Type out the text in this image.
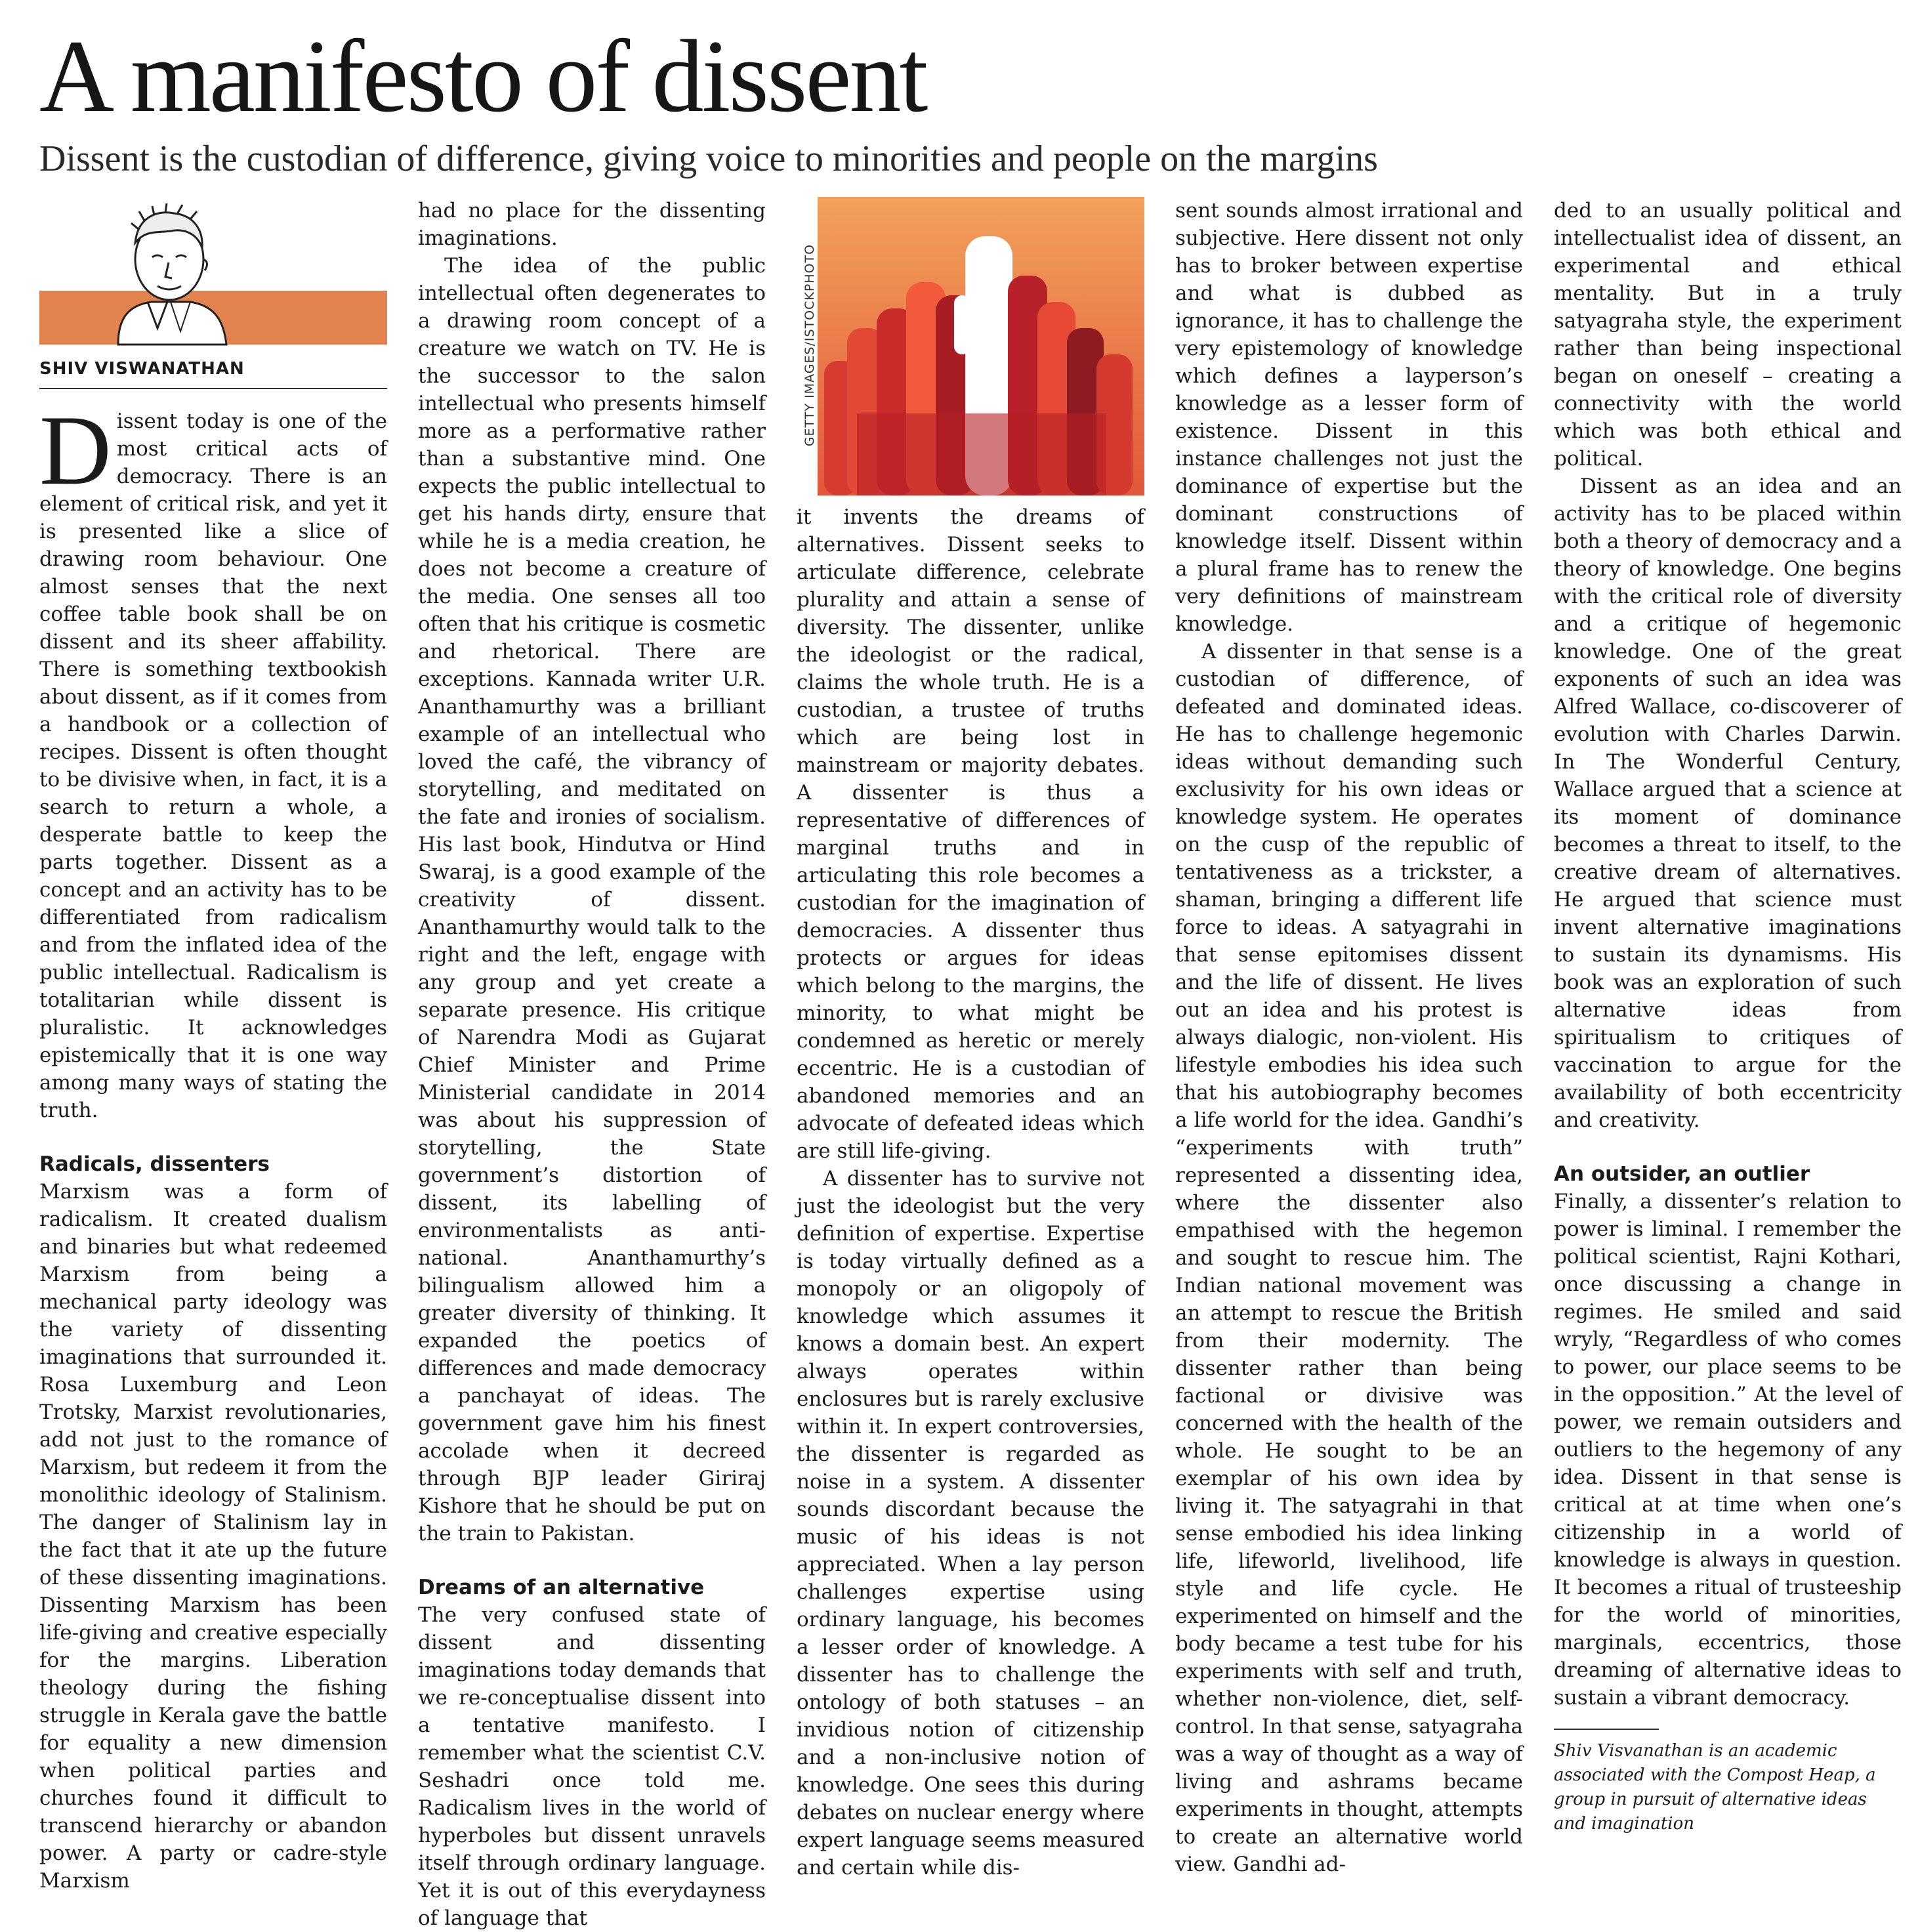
A manifesto of dissent
Dissent is the custodian of difference, giving voice to minorities and people on the margins
SHIV VISWANATHAN

Dissent today is one of the most critical acts of democracy. There is an element of critical risk, and yet it is presented like a slice of drawing room behaviour. One almost senses that the next coffee table book shall be on dissent and its sheer affability. There is something textbookish about dissent, as if it comes from a handbook or a collection of recipes. Dissent is often thought to be divisive when, in fact, it is a search to return a whole, a desperate battle to keep the parts together. Dissent as a concept and an activity has to be differentiated from radicalism and from the inflated idea of the public intellectual. Radicalism is totalitarian while dissent is pluralistic. It acknowledges epistemically that it is one way among many ways of stating the truth.

Radicals, dissenters

Marxism was a form of radicalism. It created dualism and binaries but what redeemed Marxism from being a mechanical party ideology was the variety of dissenting imaginations that surrounded it. Rosa Luxemburg and Leon Trotsky, Marxist revolutionaries, add not just to the romance of Marxism, but redeem it from the monolithic ideology of Stalinism. The danger of Stalinism lay in the fact that it ate up the future of these dissenting imaginations. Dissenting Marxism has been life-giving and creative especially for the margins. Liberation theology during the fishing struggle in Kerala gave the battle for equality a new dimension when political parties and churches found it difficult to transcend hierarchy or abandon power. A party or cadre-style Marxism

had no place for the dissenting imaginations.

The idea of the public intellectual often degenerates to a drawing room concept of a creature we watch on TV. He is the successor to the salon intellectual who presents himself more as a performative rather than a substantive mind. One expects the public intellectual to get his hands dirty, ensure that while he is a media creation, he does not become a creature of the media. One senses all too often that his critique is cosmetic and rhetorical. There are exceptions. Kannada writer U.R. Ananthamurthy was a brilliant example of an intellectual who loved the café, the vibrancy of storytelling, and meditated on the fate and ironies of socialism. His last book, Hindutva or Hind Swaraj, is a good example of the creativity of dissent. Ananthamurthy would talk to the right and the left, engage with any group and yet create a separate presence. His critique of Narendra Modi as Gujarat Chief Minister and Prime Ministerial candidate in 2014 was about his suppression of storytelling, the State government’s distortion of dissent, its labelling of environmentalists as anti-national. Ananthamurthy’s bilingualism allowed him a greater diversity of thinking. It expanded the poetics of differences and made democracy a panchayat of ideas. The government gave him his finest accolade when it decreed through BJP leader Giriraj Kishore that he should be put on the train to Pakistan.

Dreams of an alternative

The very confused state of dissent and dissenting imaginations today demands that we re-conceptualise dissent into a tentative manifesto. I remember what the scientist C.V. Seshadri once told me. Radicalism lives in the world of hyperboles but dissent unravels itself through ordinary language. Yet it is out of this everydayness of language that

GETTY IMAGES/ISTOCKPHOTO

it invents the dreams of alternatives. Dissent seeks to articulate difference, celebrate plurality and attain a sense of diversity. The dissenter, unlike the ideologist or the radical, claims the whole truth. He is a custodian, a trustee of truths which are being lost in mainstream or majority debates. A dissenter is thus a representative of differences of marginal truths and in articulating this role becomes a custodian for the imagination of democracies. A dissenter thus protects or argues for ideas which belong to the margins, the minority, to what might be condemned as heretic or merely eccentric. He is a custodian of abandoned memories and an advocate of defeated ideas which are still life-giving.

A dissenter has to survive not just the ideologist but the very definition of expertise. Expertise is today virtually defined as a monopoly or an oligopoly of knowledge which assumes it knows a domain best. An expert always operates within enclosures but is rarely exclusive within it. In expert controversies, the dissenter is regarded as noise in a system. A dissenter sounds discordant because the music of his ideas is not appreciated. When a lay person challenges expertise using ordinary language, his becomes a lesser order of knowledge. A dissenter has to challenge the ontology of both statuses – an invidious notion of citizenship and a non-inclusive notion of knowledge. One sees this during debates on nuclear energy where expert language seems measured and certain while dis-

sent sounds almost irrational and subjective. Here dissent not only has to broker between expertise and what is dubbed as ignorance, it has to challenge the very epistemology of knowledge which defines a layperson’s knowledge as a lesser form of existence. Dissent in this instance challenges not just the dominance of expertise but the dominant constructions of knowledge itself. Dissent within a plural frame has to renew the very definitions of mainstream knowledge.

A dissenter in that sense is a custodian of difference, of defeated and dominated ideas. He has to challenge hegemonic ideas without demanding such exclusivity for his own ideas or knowledge system. He operates on the cusp of the republic of tentativeness as a trickster, a shaman, bringing a different life force to ideas. A satyagrahi in that sense epitomises dissent and the life of dissent. He lives out an idea and his protest is always dialogic, non-violent. His lifestyle embodies his idea such that his autobiography becomes a life world for the idea. Gandhi’s “experiments with truth” represented a dissenting idea, where the dissenter also empathised with the hegemon and sought to rescue him. The Indian national movement was an attempt to rescue the British from their modernity. The dissenter rather than being factional or divisive was concerned with the health of the whole. He sought to be an exemplar of his own idea by living it. The satyagrahi in that sense embodied his idea linking life, lifeworld, livelihood, life style and life cycle. He experimented on himself and the body became a test tube for his experiments with self and truth, whether non-violence, diet, self-control. In that sense, satyagraha was a way of thought as a way of living and ashrams became experiments in thought, attempts to create an alternative world view. Gandhi ad-

ded to an usually political and intellectualist idea of dissent, an experimental and ethical mentality. But in a truly satyagraha style, the experiment rather than being inspectional began on oneself – creating a connectivity with the world which was both ethical and political.

Dissent as an idea and an activity has to be placed within both a theory of democracy and a theory of knowledge. One begins with the critical role of diversity and a critique of hegemonic knowledge. One of the great exponents of such an idea was Alfred Wallace, co-discoverer of evolution with Charles Darwin. In The Wonderful Century, Wallace argued that a science at its moment of dominance becomes a threat to itself, to the creative dream of alternatives. He argued that science must invent alternative imaginations to sustain its dynamisms. His book was an exploration of such alternative ideas from spiritualism to critiques of vaccination to argue for the availability of both eccentricity and creativity.

An outsider, an outlier

Finally, a dissenter’s relation to power is liminal. I remember the political scientist, Rajni Kothari, once discussing a change in regimes. He smiled and said wryly, “Regardless of who comes to power, our place seems to be in the opposition.” At the level of power, we remain outsiders and outliers to the hegemony of any idea. Dissent in that sense is critical at at time when one’s citizenship in a world of knowledge is always in question. It becomes a ritual of trusteeship for the world of minorities, marginals, eccentrics, those dreaming of alternative ideas to sustain a vibrant democracy.

Shiv Visvanathan is an academic associated with the Compost Heap, a group in pursuit of alternative ideas and imagination
